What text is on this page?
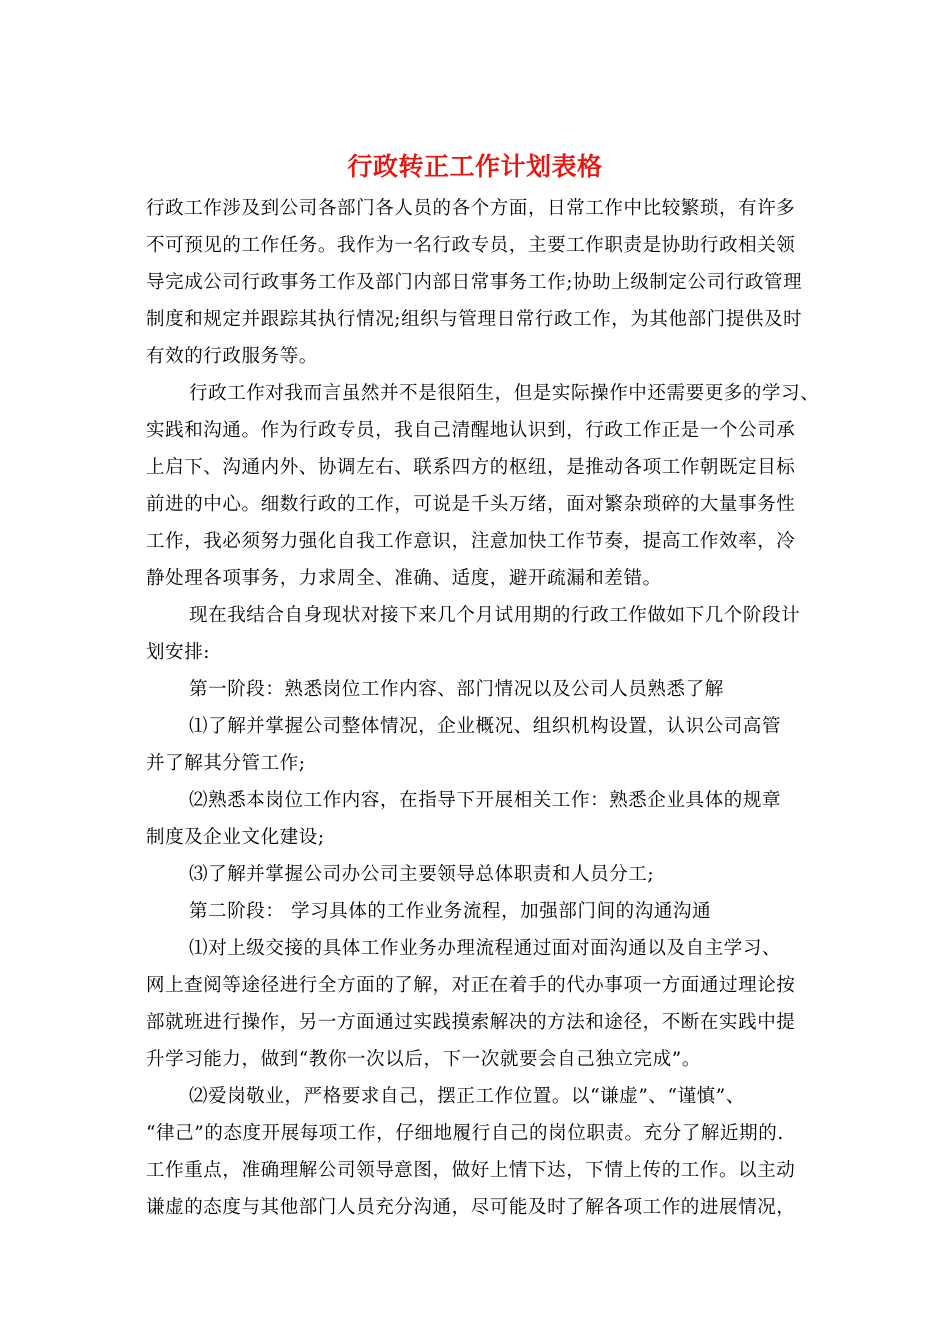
行政转正工作计划表格
行政工作涉及到公司各部门各人员的各个方面，日常工作中比较繁琐，有许多
不可预见的工作任务。我作为一名行政专员，主要工作职责是协助行政相关领
导完成公司行政事务工作及部门内部日常事务工作;协助上级制定公司行政管理
制度和规定并跟踪其执行情况;组织与管理日常行政工作，为其他部门提供及时
有效的行政服务等。
行政工作对我而言虽然并不是很陌生，但是实际操作中还需要更多的学习、
实践和沟通。作为行政专员，我自己清醒地认识到，行政工作正是一个公司承
上启下、沟通内外、协调左右、联系四方的枢纽，是推动各项工作朝既定目标
前进的中心。细数行政的工作，可说是千头万绪，面对繁杂琐碎的大量事务性
工作，我必须努力强化自我工作意识，注意加快工作节奏，提高工作效率，冷
静处理各项事务，力求周全、准确、适度，避开疏漏和差错。
现在我结合自身现状对接下来几个月试用期的行政工作做如下几个阶段计
划安排:
第一阶段：熟悉岗位工作内容、部门情况以及公司人员熟悉了解
⑴了解并掌握公司整体情况，企业概况、组织机构设置，认识公司高管
并了解其分管工作;
⑵熟悉本岗位工作内容，在指导下开展相关工作：熟悉企业具体的规章
制度及企业文化建设;
⑶了解并掌握公司办公司主要领导总体职责和人员分工;
第二阶段： 学习具体的工作业务流程，加强部门间的沟通沟通
⑴对上级交接的具体工作业务办理流程通过面对面沟通以及自主学习、
网上查阅等途径进行全方面的了解，对正在着手的代办事项一方面通过理论按
部就班进行操作，另一方面通过实践摸索解决的方法和途径，不断在实践中提
升学习能力，做到“教你一次以后，下一次就要会自己独立完成”。
⑵爱岗敬业，严格要求自己，摆正工作位置。以“谦虚”、“谨慎”、
“律己”的态度开展每项工作，仔细地履行自己的岗位职责。充分了解近期的.
工作重点，准确理解公司领导意图，做好上情下达，下情上传的工作。以主动
谦虚的态度与其他部门人员充分沟通，尽可能及时了解各项工作的进展情况，
